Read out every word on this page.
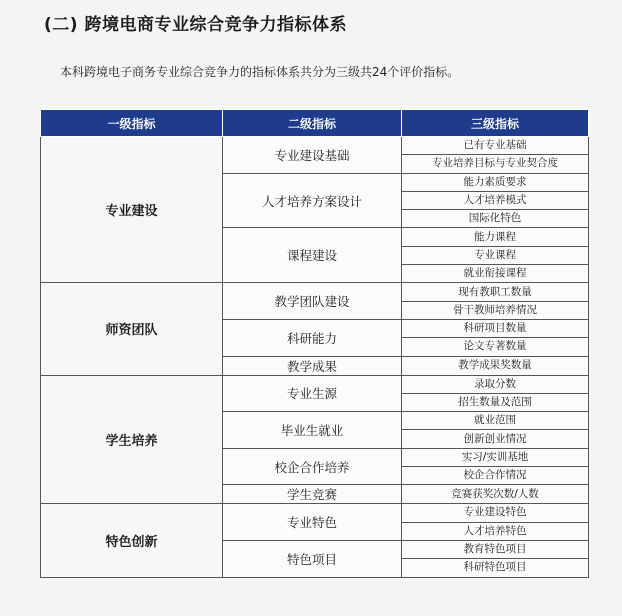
(二) 跨境电商专业综合竞争力指标体系
本科跨境电子商务专业综合竞争力的指标体系共分为三级共24个评价指标。
一级指标	二级指标	三级指标
专业建设	专业建设基础	已有专业基础
		专业培养目标与专业契合度
	人才培养方案设计	能力素质要求
		人才培养模式
		国际化特色
	课程建设	能力课程
		专业课程
		就业衔接课程
师资团队	教学团队建设	现有教职工数量
		骨干教师培养情况
	科研能力	科研项目数量
		论文专著数量
	教学成果	教学成果奖数量
学生培养	专业生源	录取分数
		招生数量及范围
	毕业生就业	就业范围
		创新创业情况
	校企合作培养	实习/实训基地
		校企合作情况
	学生竞赛	竞赛获奖次数/人数
特色创新	专业特色	专业建设特色
		人才培养特色
	特色项目	教育特色项目
		科研特色项目
